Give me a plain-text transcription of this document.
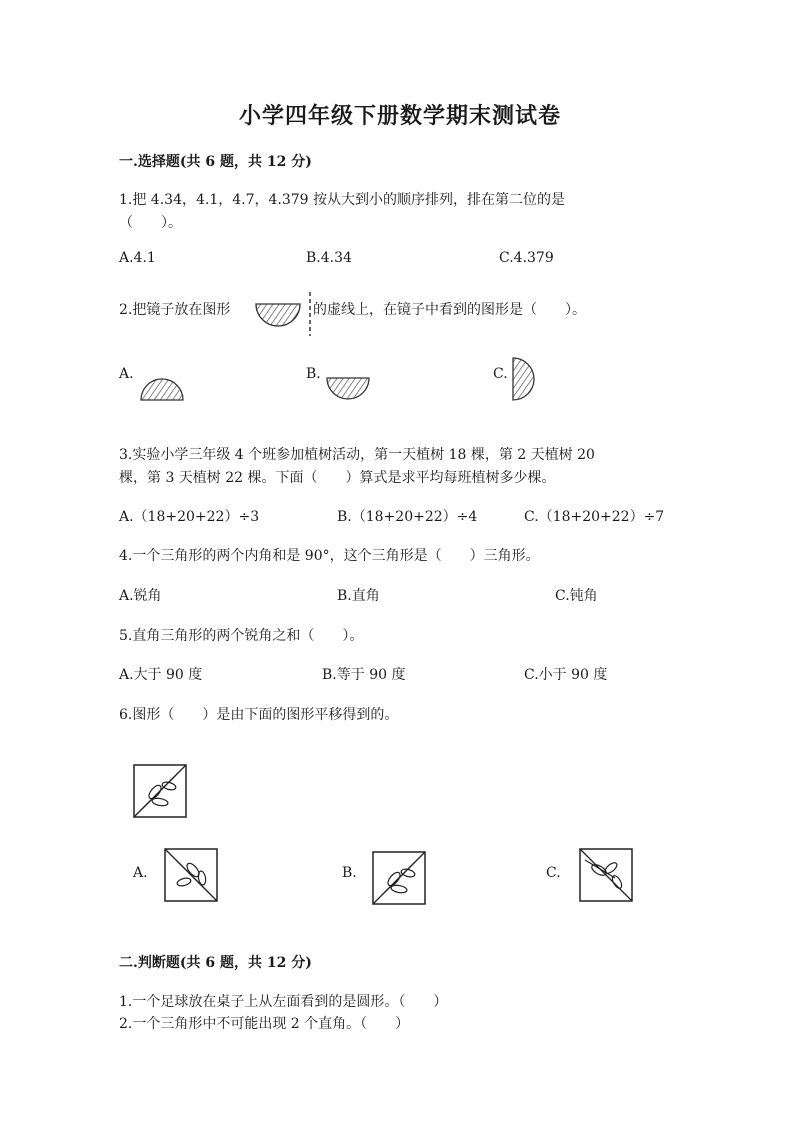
小学四年级下册数学期末测试卷
一.选择题(共 6 题，共 12 分)
1.把 4.34，4.1，4.7，4.379 按从大到小的顺序排列，排在第二位的是
（　　）。
A.4.1	B.4.34	C.4.379
2.把镜子放在图形	的虚线上，在镜子中看到的图形是（　　）。
A.	B.	C.
3.实验小学三年级 4 个班参加植树活动，第一天植树 18 棵，第 2 天植树 20
棵，第 3 天植树 22 棵。下面（　　）算式是求平均每班植树多少棵。
A.（18+20+22）÷3	B.（18+20+22）÷4	C.（18+20+22）÷7
4.一个三角形的两个内角和是 90°，这个三角形是（　　）三角形。
A.锐角	B.直角	C.钝角
5.直角三角形的两个锐角之和（　　）。
A.大于 90 度	B.等于 90 度	C.小于 90 度
6.图形（　　）是由下面的图形平移得到的。
A.	B.	C.
二.判断题(共 6 题，共 12 分)
1.一个足球放在桌子上从左面看到的是圆形。（　　）
2.一个三角形中不可能出现 2 个直角。（　　）
